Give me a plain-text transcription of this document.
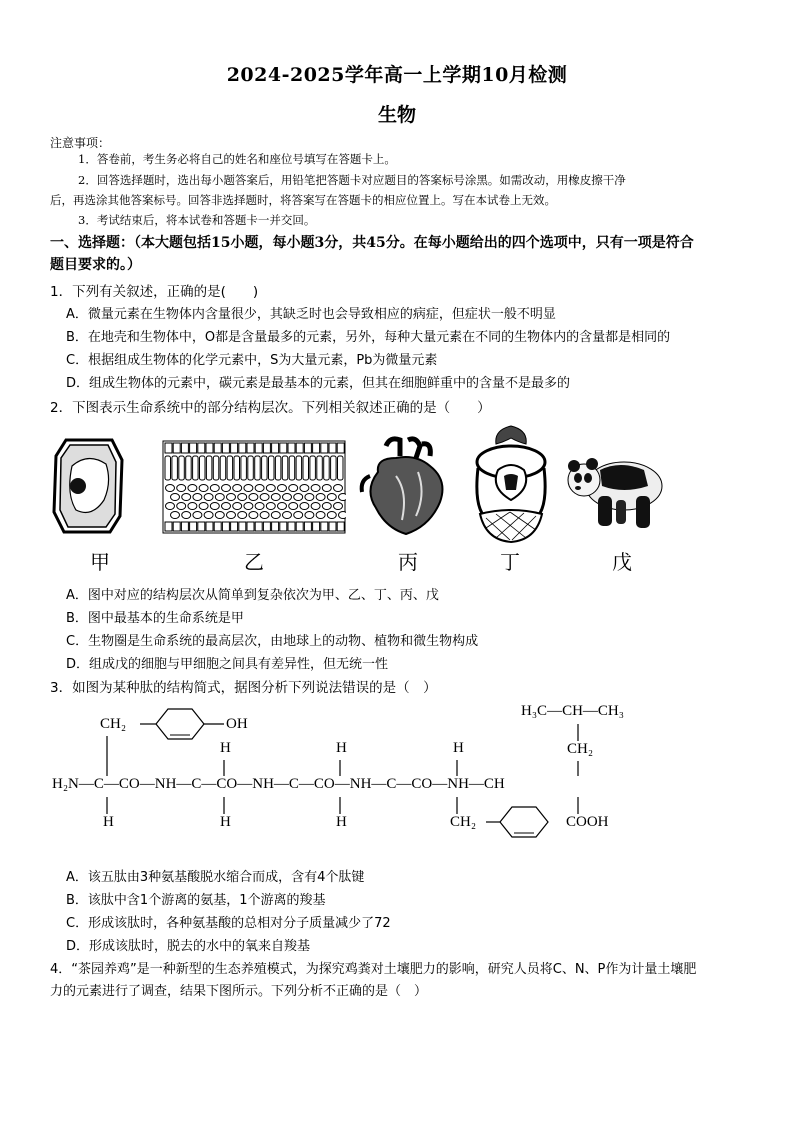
2024-2025学年高一上学期10月检测
生物
注意事项：
1．答卷前，考生务必将自己的姓名和座位号填写在答题卡上。
2．回答选择题时，选出每小题答案后，用铅笔把答题卡对应题目的答案标号涂黑。如需改动，用橡皮擦干净
后，再选涂其他答案标号。回答非选择题时，将答案写在答题卡的相应位置上。写在本试卷上无效。
3．考试结束后，将本试卷和答题卡一并交回。
一、选择题：（本大题包括15小题，每小题3分，共45分。在每小题给出的四个选项中，只有一项是符合
题目要求的。）
1．下列有关叙述，正确的是(　　)
A．微量元素在生物体内含量很少，其缺乏时也会导致相应的病症，但症状一般不明显
B．在地壳和生物体中，O都是含量最多的元素，另外，每种大量元素在不同的生物体内的含量都是相同的
C．根据组成生物体的化学元素中，S为大量元素，Pb为微量元素
D．组成生物体的元素中，碳元素是最基本的元素，但其在细胞鲜重中的含量不是最多的
2．下图表示生命系统中的部分结构层次。下列相关叙述正确的是（　　）
甲	乙	丙	丁	戊
A．图中对应的结构层次从简单到复杂依次为甲、乙、丁、丙、戊
B．图中最基本的生命系统是甲
C．生物圈是生命系统的最高层次，由地球上的动物、植物和微生物构成
D．组成戊的细胞与甲细胞之间具有差异性，但无统一性
3．如图为某种肽的结构简式，据图分析下列说法错误的是（　）
CH₂	OH
H₃C—CH—CH₃
CH₂
H	H	H
H₂N—C—CO—NH—C—CO—NH—C—CO—NH—C—CO—NH—CH
H	H	H	CH₂	COOH
A．该五肽由3种氨基酸脱水缩合而成，含有4个肽键
B．该肽中含1个游离的氨基，1个游离的羧基
C．形成该肽时，各种氨基酸的总相对分子质量减少了72
D．形成该肽时，脱去的水中的氧来自羧基
4．“茶园养鸡”是一种新型的生态养殖模式，为探究鸡粪对土壤肥力的影响，研究人员将C、N、P作为计量土壤肥
力的元素进行了调查，结果下图所示。下列分析不正确的是（　）
